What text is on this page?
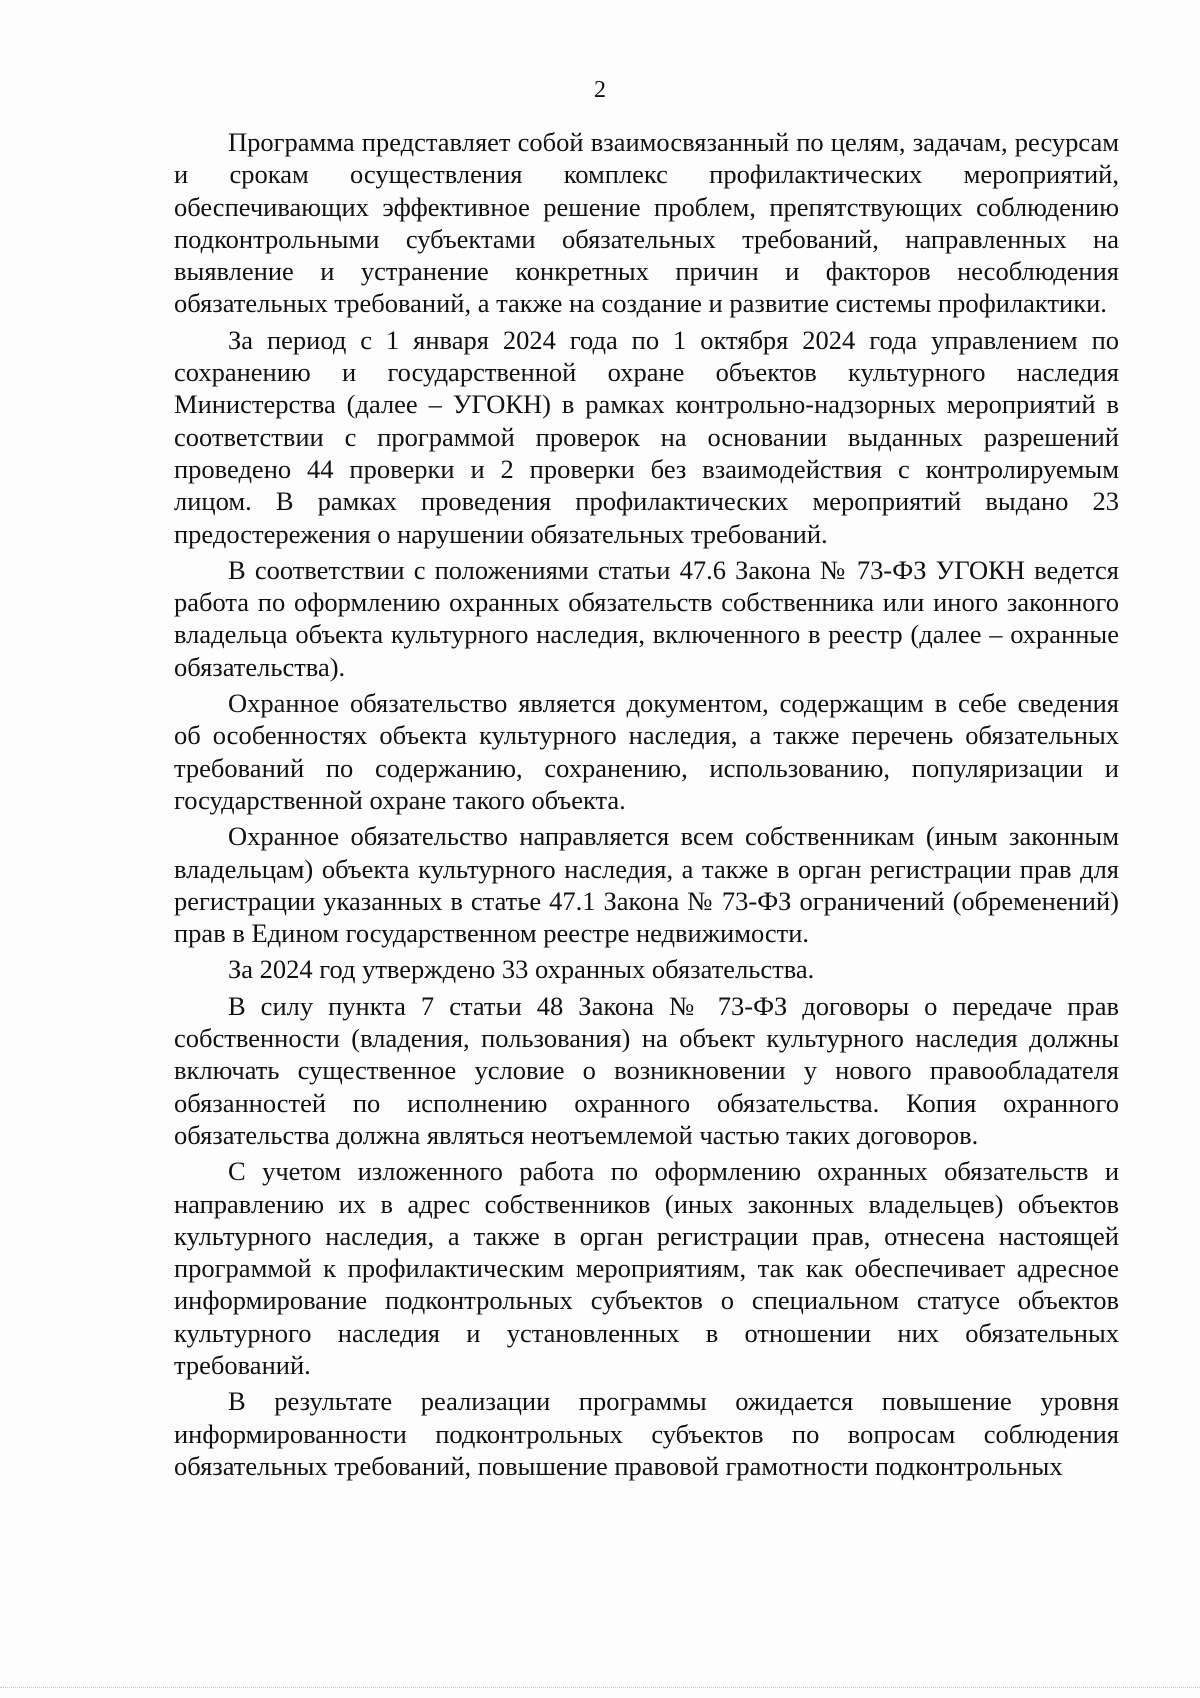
2

Программа представляет собой взаимосвязанный по целям, задачам, ресурсам и срокам осуществления комплекс профилактических мероприятий, обеспечивающих эффективное решение проблем, препятствующих соблюдению подконтрольными субъектами обязательных требований, направленных на выявление и устранение конкретных причин и факторов несоблюдения обязательных требований, а также на создание и развитие системы профилактики.

За период с 1 января 2024 года по 1 октября 2024 года управлением по сохранению и государственной охране объектов культурного наследия Министерства (далее – УГОКН) в рамках контрольно-надзорных мероприятий в соответствии с программой проверок на основании выданных разрешений проведено 44 проверки и 2 проверки без взаимодействия с контролируемым лицом. В рамках проведения профилактических мероприятий выдано 23 предостережения о нарушении обязательных требований.

В соответствии с положениями статьи 47.6 Закона № 73-ФЗ УГОКН ведется работа по оформлению охранных обязательств собственника или иного законного владельца объекта культурного наследия, включенного в реестр (далее – охранные обязательства).

Охранное обязательство является документом, содержащим в себе сведения об особенностях объекта культурного наследия, а также перечень обязательных требований по содержанию, сохранению, использованию, популяризации и государственной охране такого объекта.

Охранное обязательство направляется всем собственникам (иным законным владельцам) объекта культурного наследия, а также в орган регистрации прав для регистрации указанных в статье 47.1 Закона № 73-ФЗ ограничений (обременений) прав в Едином государственном реестре недвижимости.

За 2024 год утверждено 33 охранных обязательства.

В силу пункта 7 статьи 48 Закона № 73-ФЗ договоры о передаче прав собственности (владения, пользования) на объект культурного наследия должны включать существенное условие о возникновении у нового правообладателя обязанностей по исполнению охранного обязательства. Копия охранного обязательства должна являться неотъемлемой частью таких договоров.

С учетом изложенного работа по оформлению охранных обязательств и направлению их в адрес собственников (иных законных владельцев) объектов культурного наследия, а также в орган регистрации прав, отнесена настоящей программой к профилактическим мероприятиям, так как обеспечивает адресное информирование подконтрольных субъектов о специальном статусе объектов культурного наследия и установленных в отношении них обязательных требований.

В результате реализации программы ожидается повышение уровня информированности подконтрольных субъектов по вопросам соблюдения обязательных требований, повышение правовой грамотности подконтрольных
